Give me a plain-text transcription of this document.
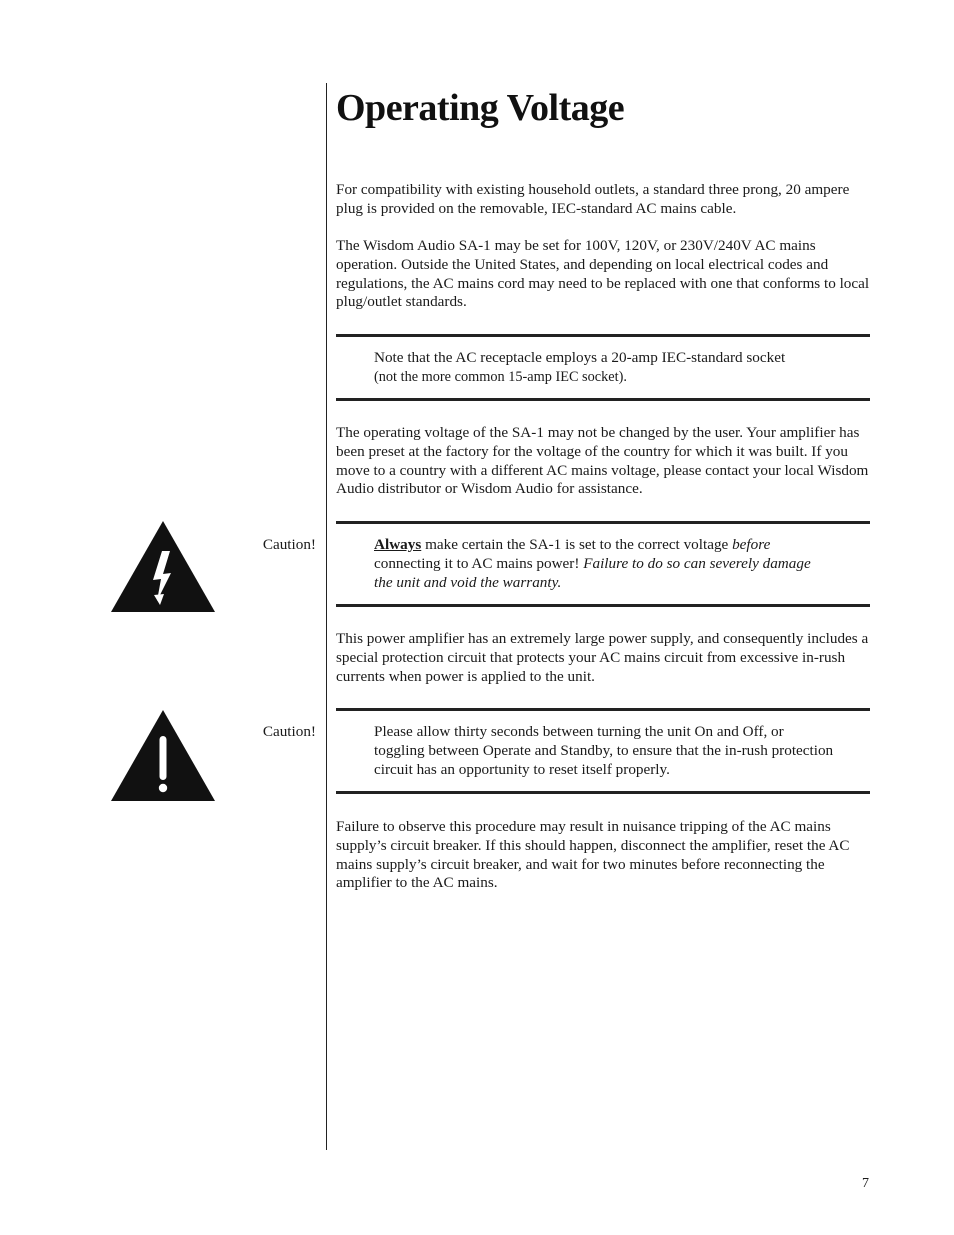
Operating Voltage

For compatibility with existing household outlets, a standard three prong, 20 ampere plug is provided on the removable, IEC-standard AC mains cable.

The Wisdom Audio SA-1 may be set for 100V, 120V, or 230V/240V AC mains operation. Outside the United States, and depending on local electrical codes and regulations, the AC mains cord may need to be replaced with one that conforms to local plug/outlet standards.

Note that the AC receptacle employs a 20-amp IEC-standard socket
(not the more common 15-amp IEC socket).

The operating voltage of the SA-1 may not be changed by the user. Your amplifier has been preset at the factory for the voltage of the country for which it was built. If you move to a country with a different AC mains voltage, please contact your local Wisdom Audio distributor or Wisdom Audio for assistance.

Caution!	Always make certain the SA-1 is set to the correct voltage before connecting it to AC mains power! Failure to do so can severely damage the unit and void the warranty.

This power amplifier has an extremely large power supply, and consequently includes a special protection circuit that protects your AC mains circuit from excessive in-rush currents when power is applied to the unit.

Caution!	Please allow thirty seconds between turning the unit On and Off, or toggling between Operate and Standby, to ensure that the in-rush protection circuit has an opportunity to reset itself properly.

Failure to observe this procedure may result in nuisance tripping of the AC mains supply’s circuit breaker. If this should happen, disconnect the amplifier, reset the AC mains supply’s circuit breaker, and wait for two minutes before reconnecting the amplifier to the AC mains.

7
